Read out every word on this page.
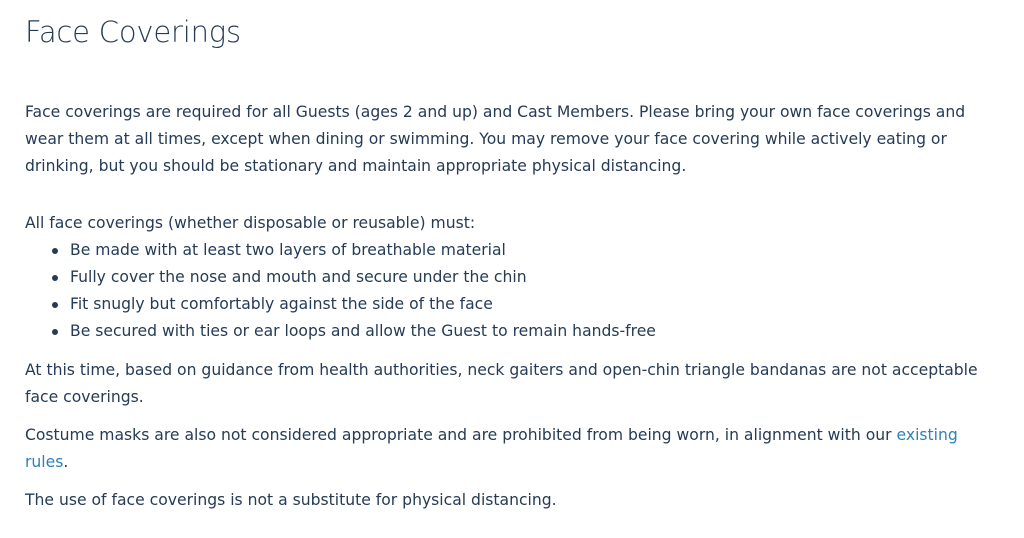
Face Coverings

Face coverings are required for all Guests (ages 2 and up) and Cast Members. Please bring your own face coverings and wear them at all times, except when dining or swimming. You may remove your face covering while actively eating or drinking, but you should be stationary and maintain appropriate physical distancing.

All face coverings (whether disposable or reusable) must:

Be made with at least two layers of breathable material
Fully cover the nose and mouth and secure under the chin
Fit snugly but comfortably against the side of the face
Be secured with ties or ear loops and allow the Guest to remain hands-free

At this time, based on guidance from health authorities, neck gaiters and open-chin triangle bandanas are not acceptable face coverings.

Costume masks are also not considered appropriate and are prohibited from being worn, in alignment with our existing rules.

The use of face coverings is not a substitute for physical distancing.
